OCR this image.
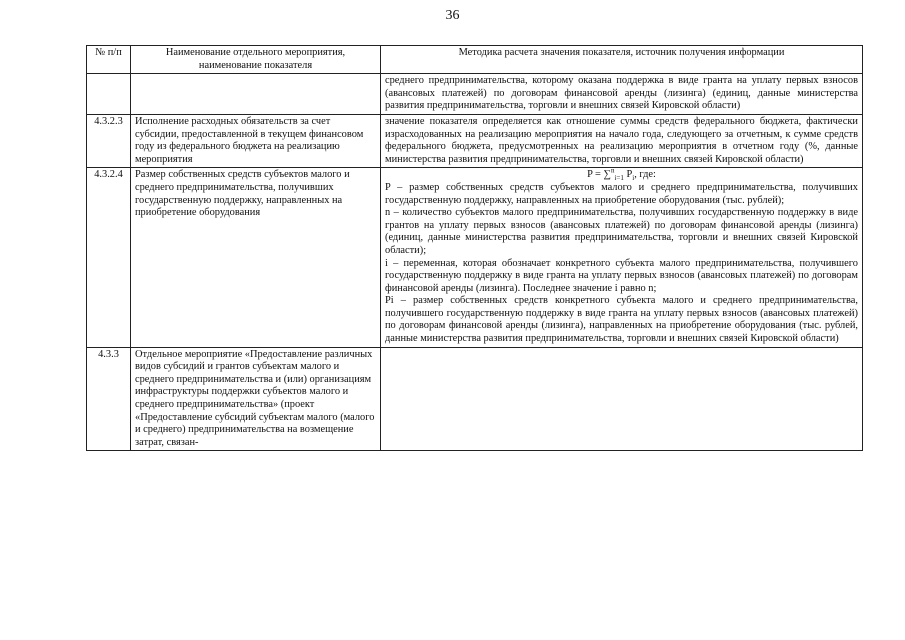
36
№ п/п	Наименование отдельного мероприятия, наименование показателя	Методика расчета значения показателя, источник получения информации
		среднего предпринимательства, которому оказана поддержка в виде гранта на уплату первых взносов (авансовых платежей) по договорам финансовой аренды (лизинга) (единиц, данные министерства развития предпринимательства, торговли и внешних связей Кировской области)
4.3.2.3	Исполнение расходных обязательств за счет субсидии, предоставленной в текущем финансовом году из федерального бюджета на реализацию мероприятия	значение показателя определяется как отношение суммы средств федерального бюджета, фактически израсходованных на реализацию мероприятия на начало года, следующего за отчетным, к сумме средств федерального бюджета, предусмотренных на реализацию мероприятия в отчетном году (%, данные министерства развития предпринимательства, торговли и внешних связей Кировской области)
4.3.2.4	Размер собственных средств субъектов малого и среднего предпринимательства, получивших государственную поддержку, направленных на приобретение оборудования	P = ∑$^n_{i=1}$ $P_i$, где:

P – размер собственных средств субъектов малого и среднего предпринимательства, получивших государственную поддержку, направленных на приобретение оборудования (тыс. рублей);

n – количество субъектов малого предпринимательства, получивших государственную поддержку в виде грантов на уплату первых взносов (авансовых платежей) по договорам финансовой аренды (лизинга) (единиц, данные министерства развития предпринимательства, торговли и внешних связей Кировской области);

i – переменная, которая обозначает конкретного субъекта малого предпринимательства, получившего государственную поддержку в виде гранта на уплату первых взносов (авансовых платежей) по договорам финансовой аренды (лизинга). Последнее значение i равно n;

Pi – размер собственных средств конкретного субъекта малого и среднего предпринимательства, получившего государственную поддержку в виде гранта на уплату первых взносов (авансовых платежей) по договорам финансовой аренды (лизинга), направленных на приобретение оборудования (тыс. рублей, данные министерства развития предпринимательства, торговли и внешних связей Кировской области)

4.3.3	Отдельное мероприятие «Предоставление различных видов субсидий и грантов субъектам малого и среднего предпринимательства и (или) организациям инфраструктуры поддержки субъектов малого и среднего предпринимательства» (проект «Предоставление субсидий субъектам малого (малого и среднего) предпринимательства на возмещение затрат, связан-	
